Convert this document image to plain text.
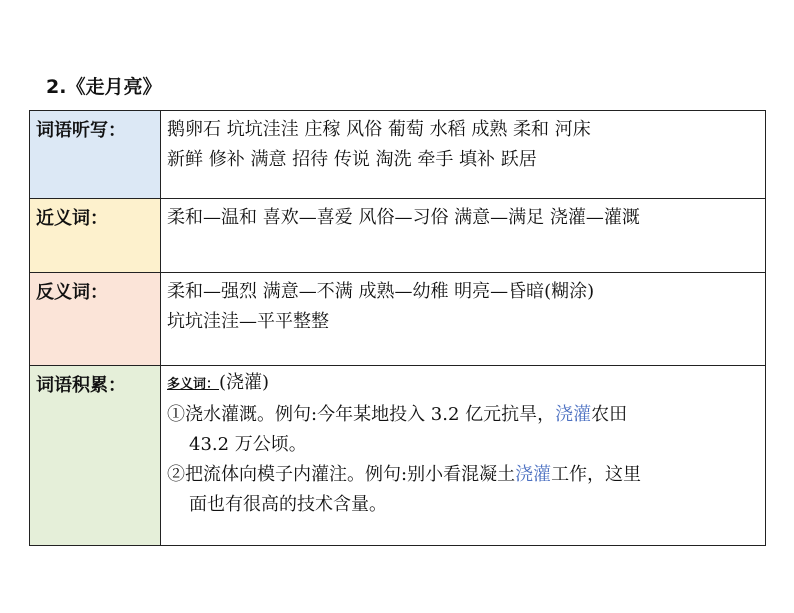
2.《走月亮》
词语听写：	鹅卵石 坑坑洼洼 庄稼 风俗 葡萄 水稻 成熟 柔和 河床
新鲜 修补 满意 招待 传说 淘洗 牵手 填补 跃居

近义词：	柔和—温和 喜欢—喜爱 风俗—习俗 满意—满足 浇灌—灌溉

反义词：	柔和—强烈 满意—不满 成熟—幼稚 明亮—昏暗(糊涂)
坑坑洼洼—平平整整

词语积累：	多义词：(浇灌)
①浇水灌溉。例句:今年某地投入 3.2 亿元抗旱，浇灌农田
43.2 万公顷。
②把流体向模子内灌注。例句:别小看混凝土浇灌工作，这里
面也有很高的技术含量。
